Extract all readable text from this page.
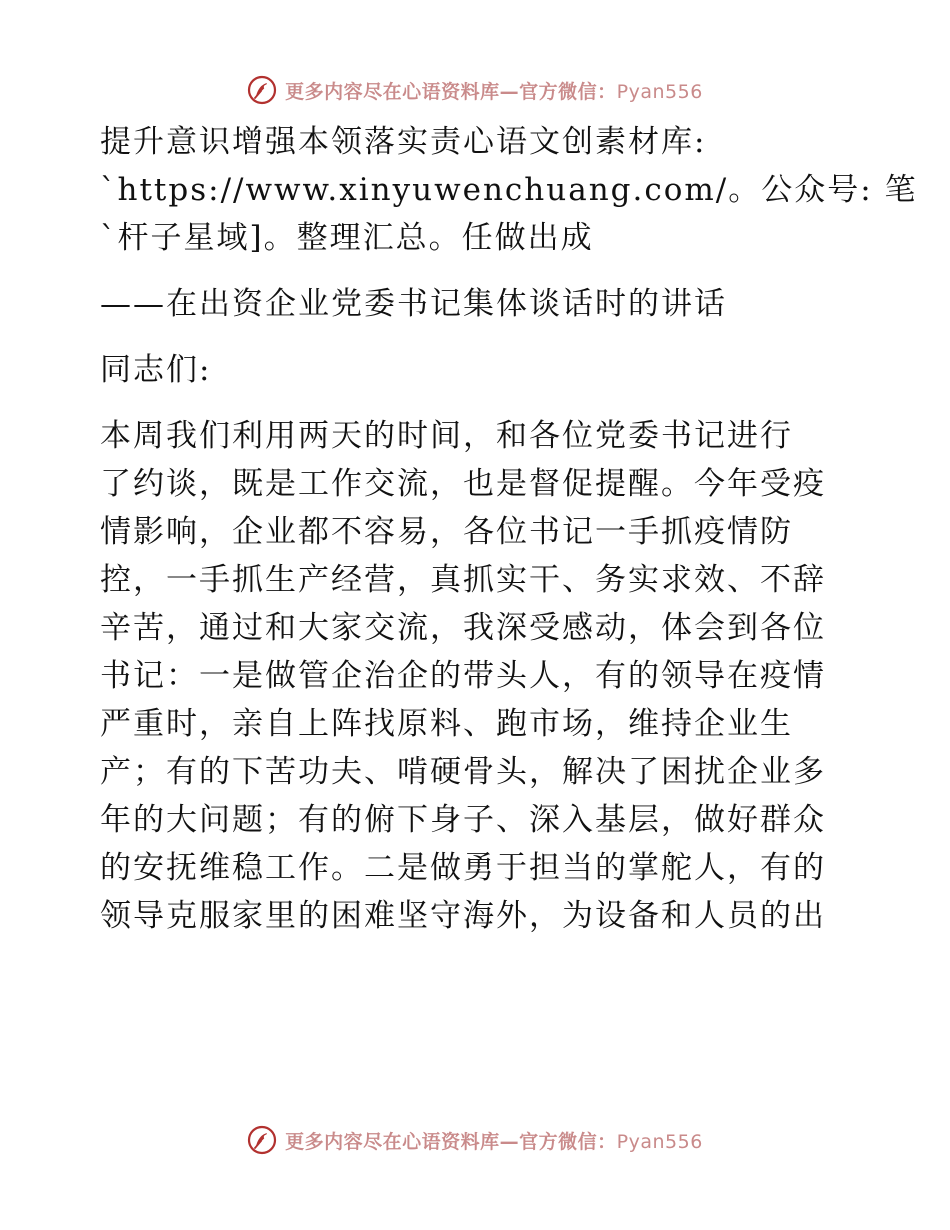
更多内容尽在心语资料库—官方微信：Pyan556
提升意识增强本领落实责心语文创素材库:
`https://www.xinyuwenchuang.com/。公众号: 笔
`杆子星域]。整理汇总。任做出成
——在出资企业党委书记集体谈话时的讲话
同志们:
本周我们利用两天的时间，和各位党委书记进行
了约谈，既是工作交流，也是督促提醒。今年受疫
情影响，企业都不容易，各位书记一手抓疫情防
控，一手抓生产经营，真抓实干、务实求效、不辞
辛苦，通过和大家交流，我深受感动，体会到各位
书记：一是做管企治企的带头人，有的领导在疫情
严重时，亲自上阵找原料、跑市场，维持企业生
产；有的下苦功夫、啃硬骨头，解决了困扰企业多
年的大问题；有的俯下身子、深入基层，做好群众
的安抚维稳工作。二是做勇于担当的掌舵人，有的
领导克服家里的困难坚守海外，为设备和人员的出
更多内容尽在心语资料库—官方微信：Pyan556
